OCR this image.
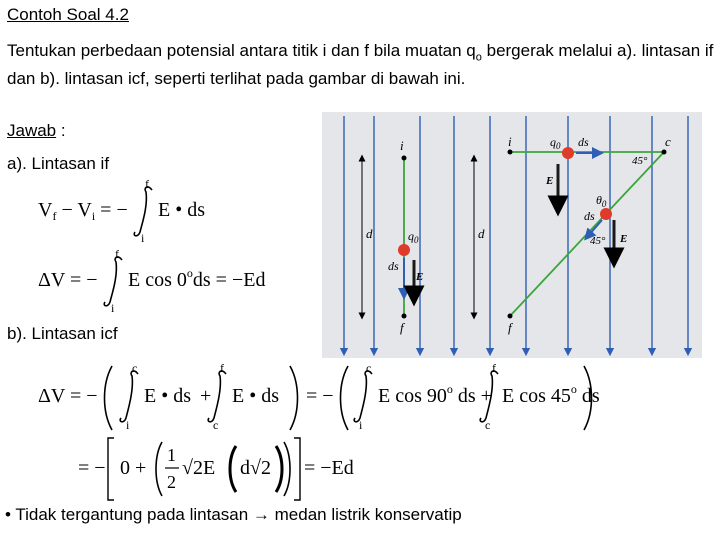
Contoh Soal 4.2
Tentukan perbedaan potensial antara titik i dan f bila muatan $q_o$ bergerak melalui a). lintasan if dan b). lintasan icf, seperti terlihat pada gambar di bawah ini.
Jawab :
a). Lintasan if
$V_f - V_i$ = −
f
i
E • ds
ΔV = −
f
i
E $\cos 0^ods = -Ed$
b). Lintasan icf
ΔV = −
c
i
E • ds +
f
c
E • ds = −
c
i
E cos 90$^o$ ds +
f
c
E cos 45$^o$ ds
= − 0 +
1
2
√2E d√2 = −Ed
• Tidak tergantung pada lintasan → medan listrik konservatip
d	d
i
f
$q_0$
ds
E
i	c
f
45°
$q_0$ ds
E
$\theta_0$
ds
E
45°
